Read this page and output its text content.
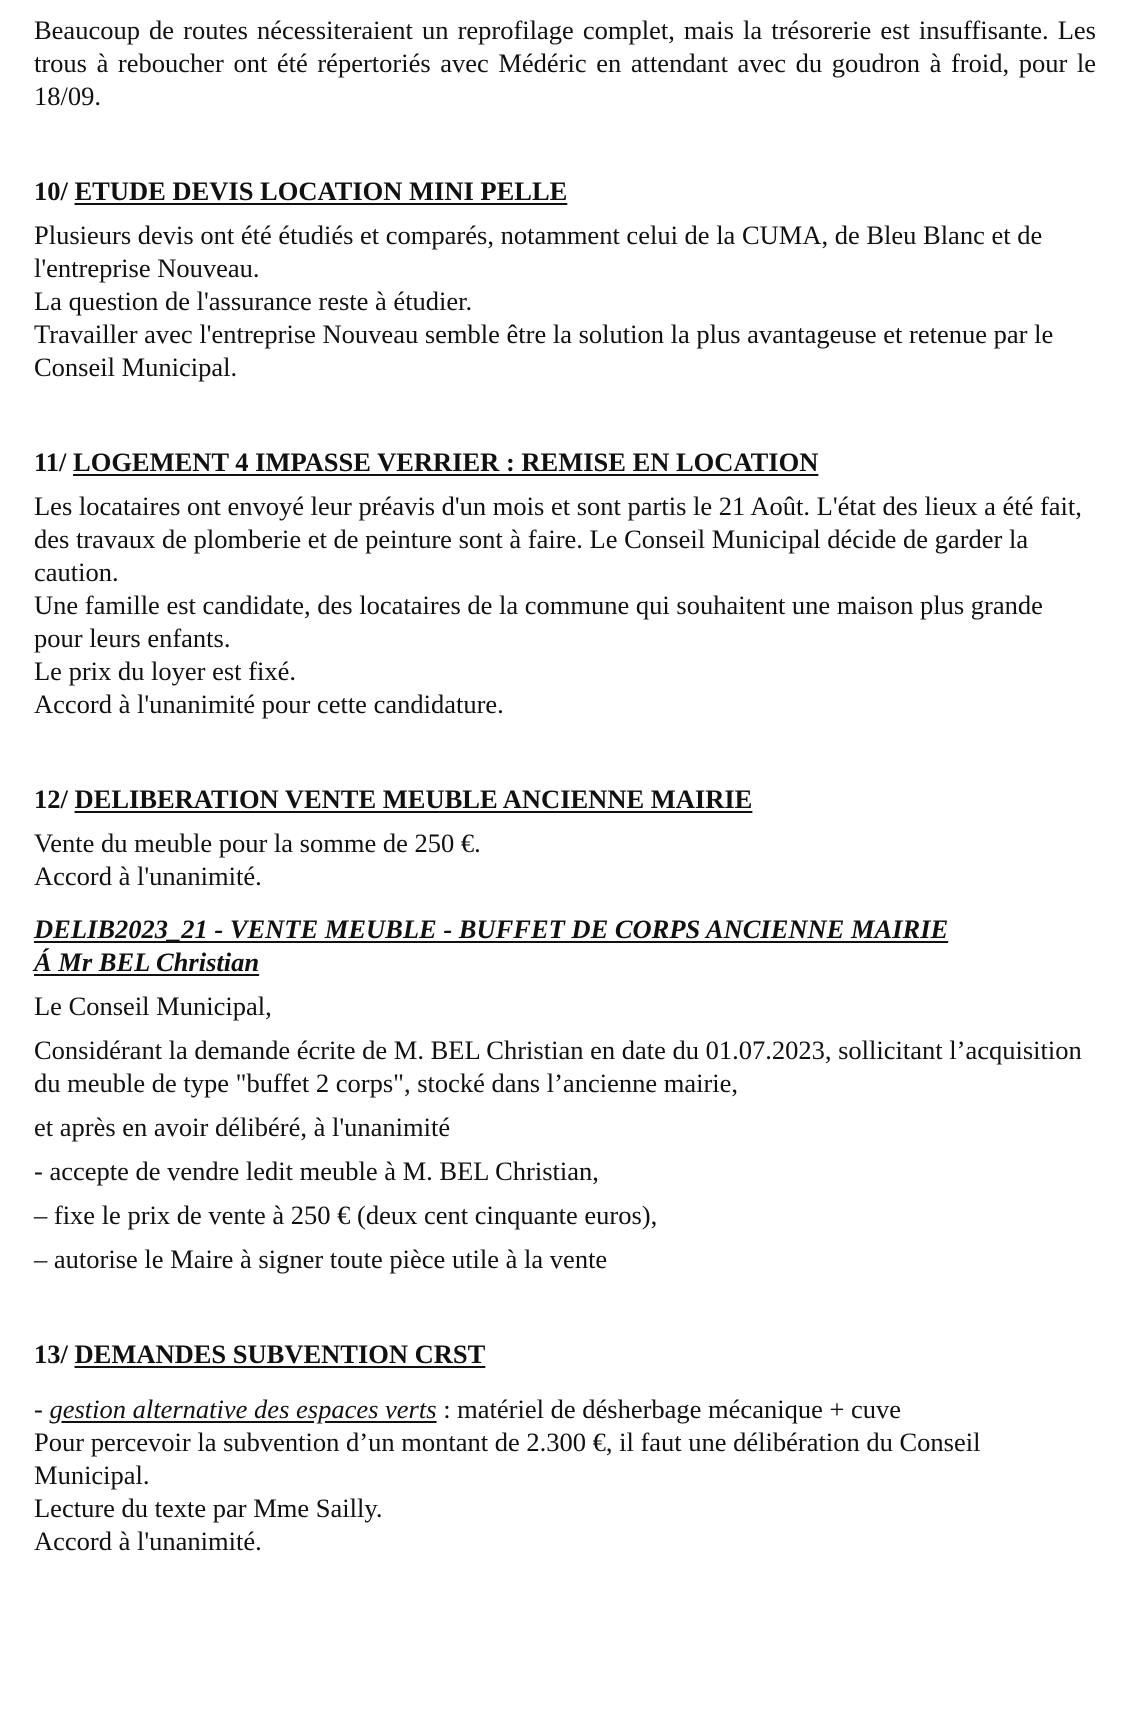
Beaucoup de routes nécessiteraient un reprofilage complet, mais la trésorerie est insuffisante. Les trous à reboucher ont été répertoriés avec Médéric en attendant avec du goudron à froid, pour le 18/09.

10/ ETUDE DEVIS LOCATION MINI PELLE

Plusieurs devis ont été étudiés et comparés, notamment celui de la CUMA, de Bleu Blanc et de l'entreprise Nouveau.

La question de l'assurance reste à étudier.

Travailler avec l'entreprise Nouveau semble être la solution la plus avantageuse et retenue par le Conseil Municipal.

11/ LOGEMENT 4 IMPASSE VERRIER : REMISE EN LOCATION

Les locataires ont envoyé leur préavis d'un mois et sont partis le 21 Août. L'état des lieux a été fait, des travaux de plomberie et de peinture sont à faire. Le Conseil Municipal décide de garder la caution.

Une famille est candidate, des locataires de la commune qui souhaitent une maison plus grande pour leurs enfants.

Le prix du loyer est fixé.

Accord à l'unanimité pour cette candidature.

12/ DELIBERATION VENTE MEUBLE ANCIENNE MAIRIE

Vente du meuble pour la somme de 250 €.

Accord à l'unanimité.

DELIB2023_21 - VENTE MEUBLE - BUFFET DE CORPS ANCIENNE MAIRIE

Á Mr BEL Christian

Le Conseil Municipal,

Considérant la demande écrite de M. BEL Christian en date du 01.07.2023, sollicitant l’acquisition du meuble de type "buffet 2 corps", stocké dans l’ancienne mairie,

et après en avoir délibéré, à l'unanimité

- accepte de vendre ledit meuble à M. BEL Christian,

– fixe le prix de vente à 250 € (deux cent cinquante euros),

– autorise le Maire à signer toute pièce utile à la vente

13/ DEMANDES SUBVENTION CRST

- gestion alternative des espaces verts : matériel de désherbage mécanique + cuve

Pour percevoir la subvention d’un montant de 2.300 €, il faut une délibération du Conseil Municipal.

Lecture du texte par Mme Sailly.

Accord à l'unanimité.
